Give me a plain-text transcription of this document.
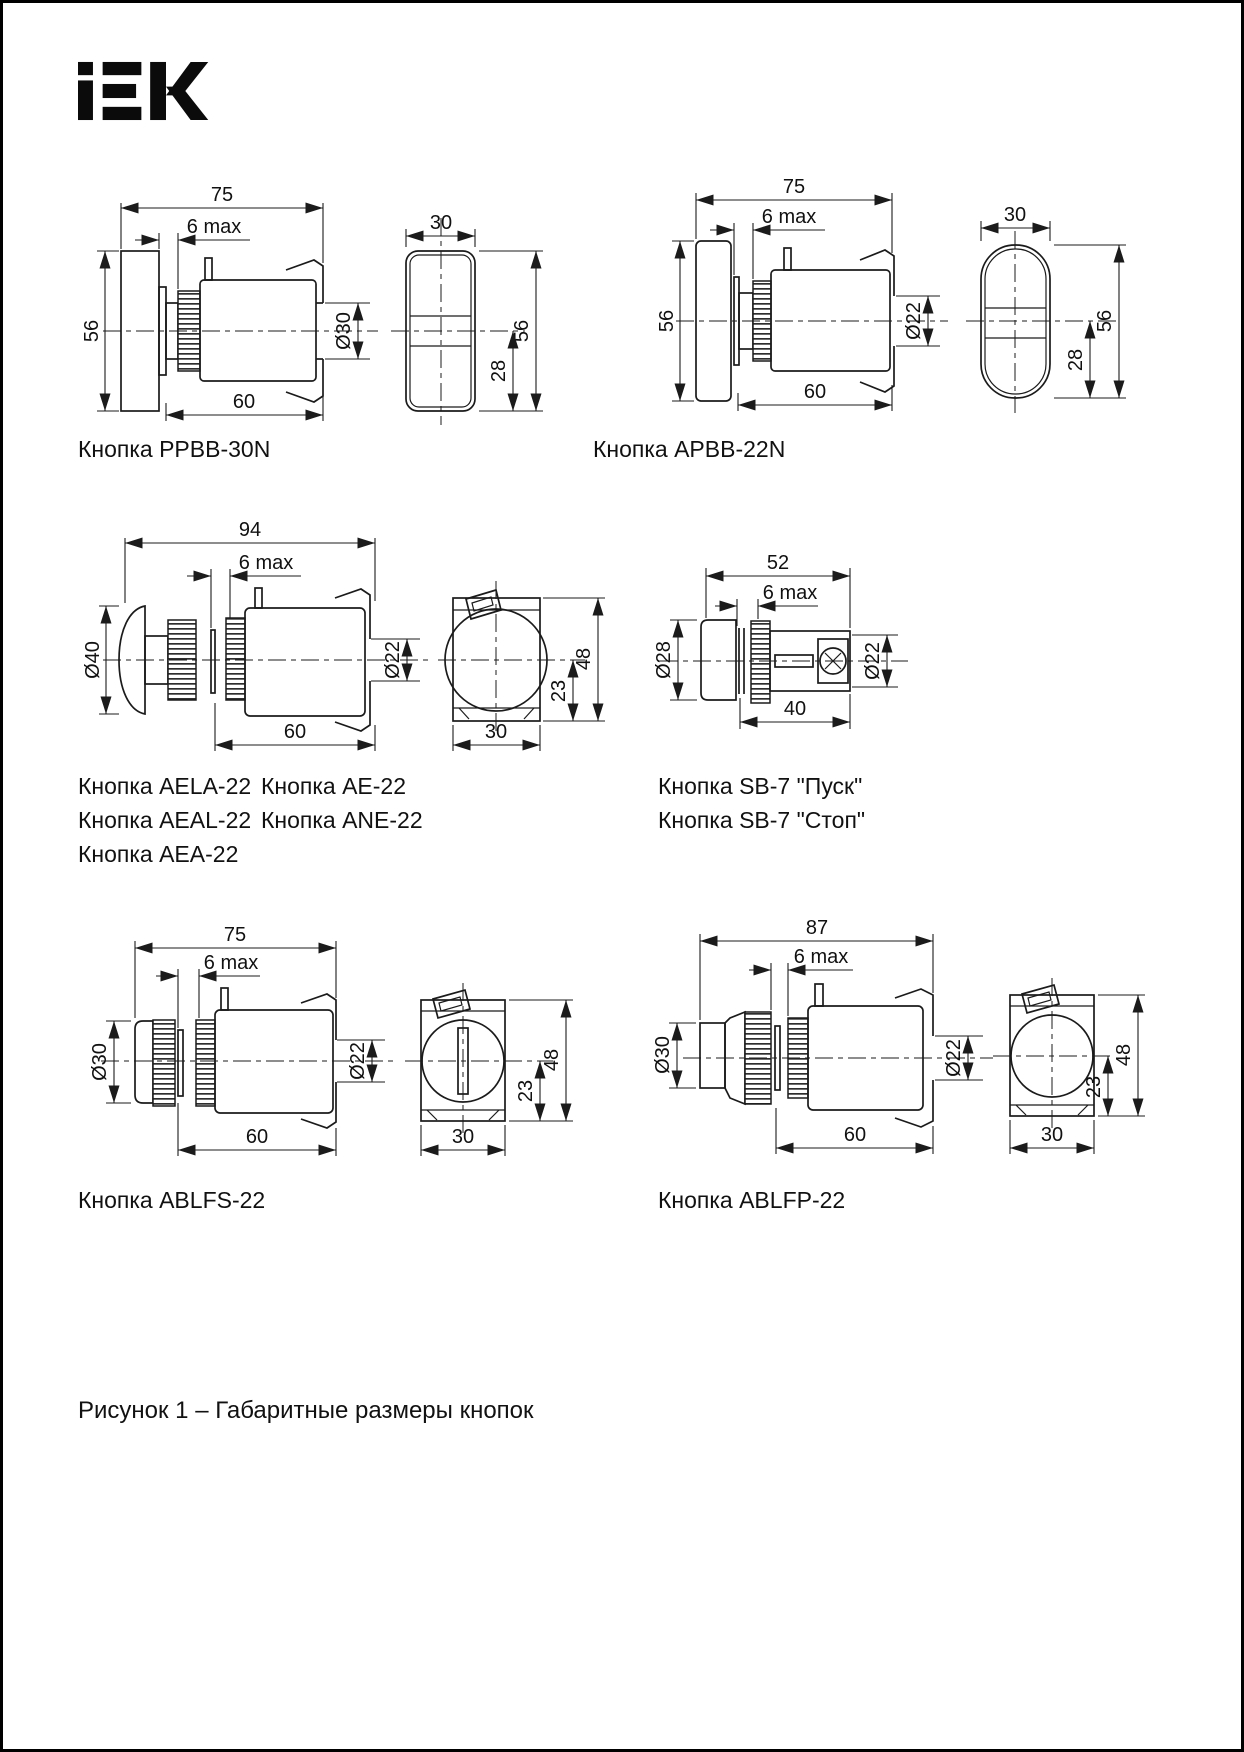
75
6 max
56
60
Ø30
30
56
28
75
6 max
56
60
Ø22
30
56
28
94
6 max
Ø40	Ø22
60
48
23
30
52
6 max
Ø28	Ø22
40
75
6 max
Ø30	Ø22
60
48
23
30
87
6 max
Ø30	Ø22
60
48
23
30
Кнопка PPBB-30N	Кнопка APBB-22N
Кнопка AELA-22
Кнопка AEAL-22
Кнопка AEA-22
Кнопка AE-22
Кнопка ANE-22
Кнопка SB-7 "Пуск"
Кнопка SB-7 "Стоп"
Кнопка ABLFS-22	Кнопка ABLFP-22
Рисунок 1 – Габаритные размеры кнопок
